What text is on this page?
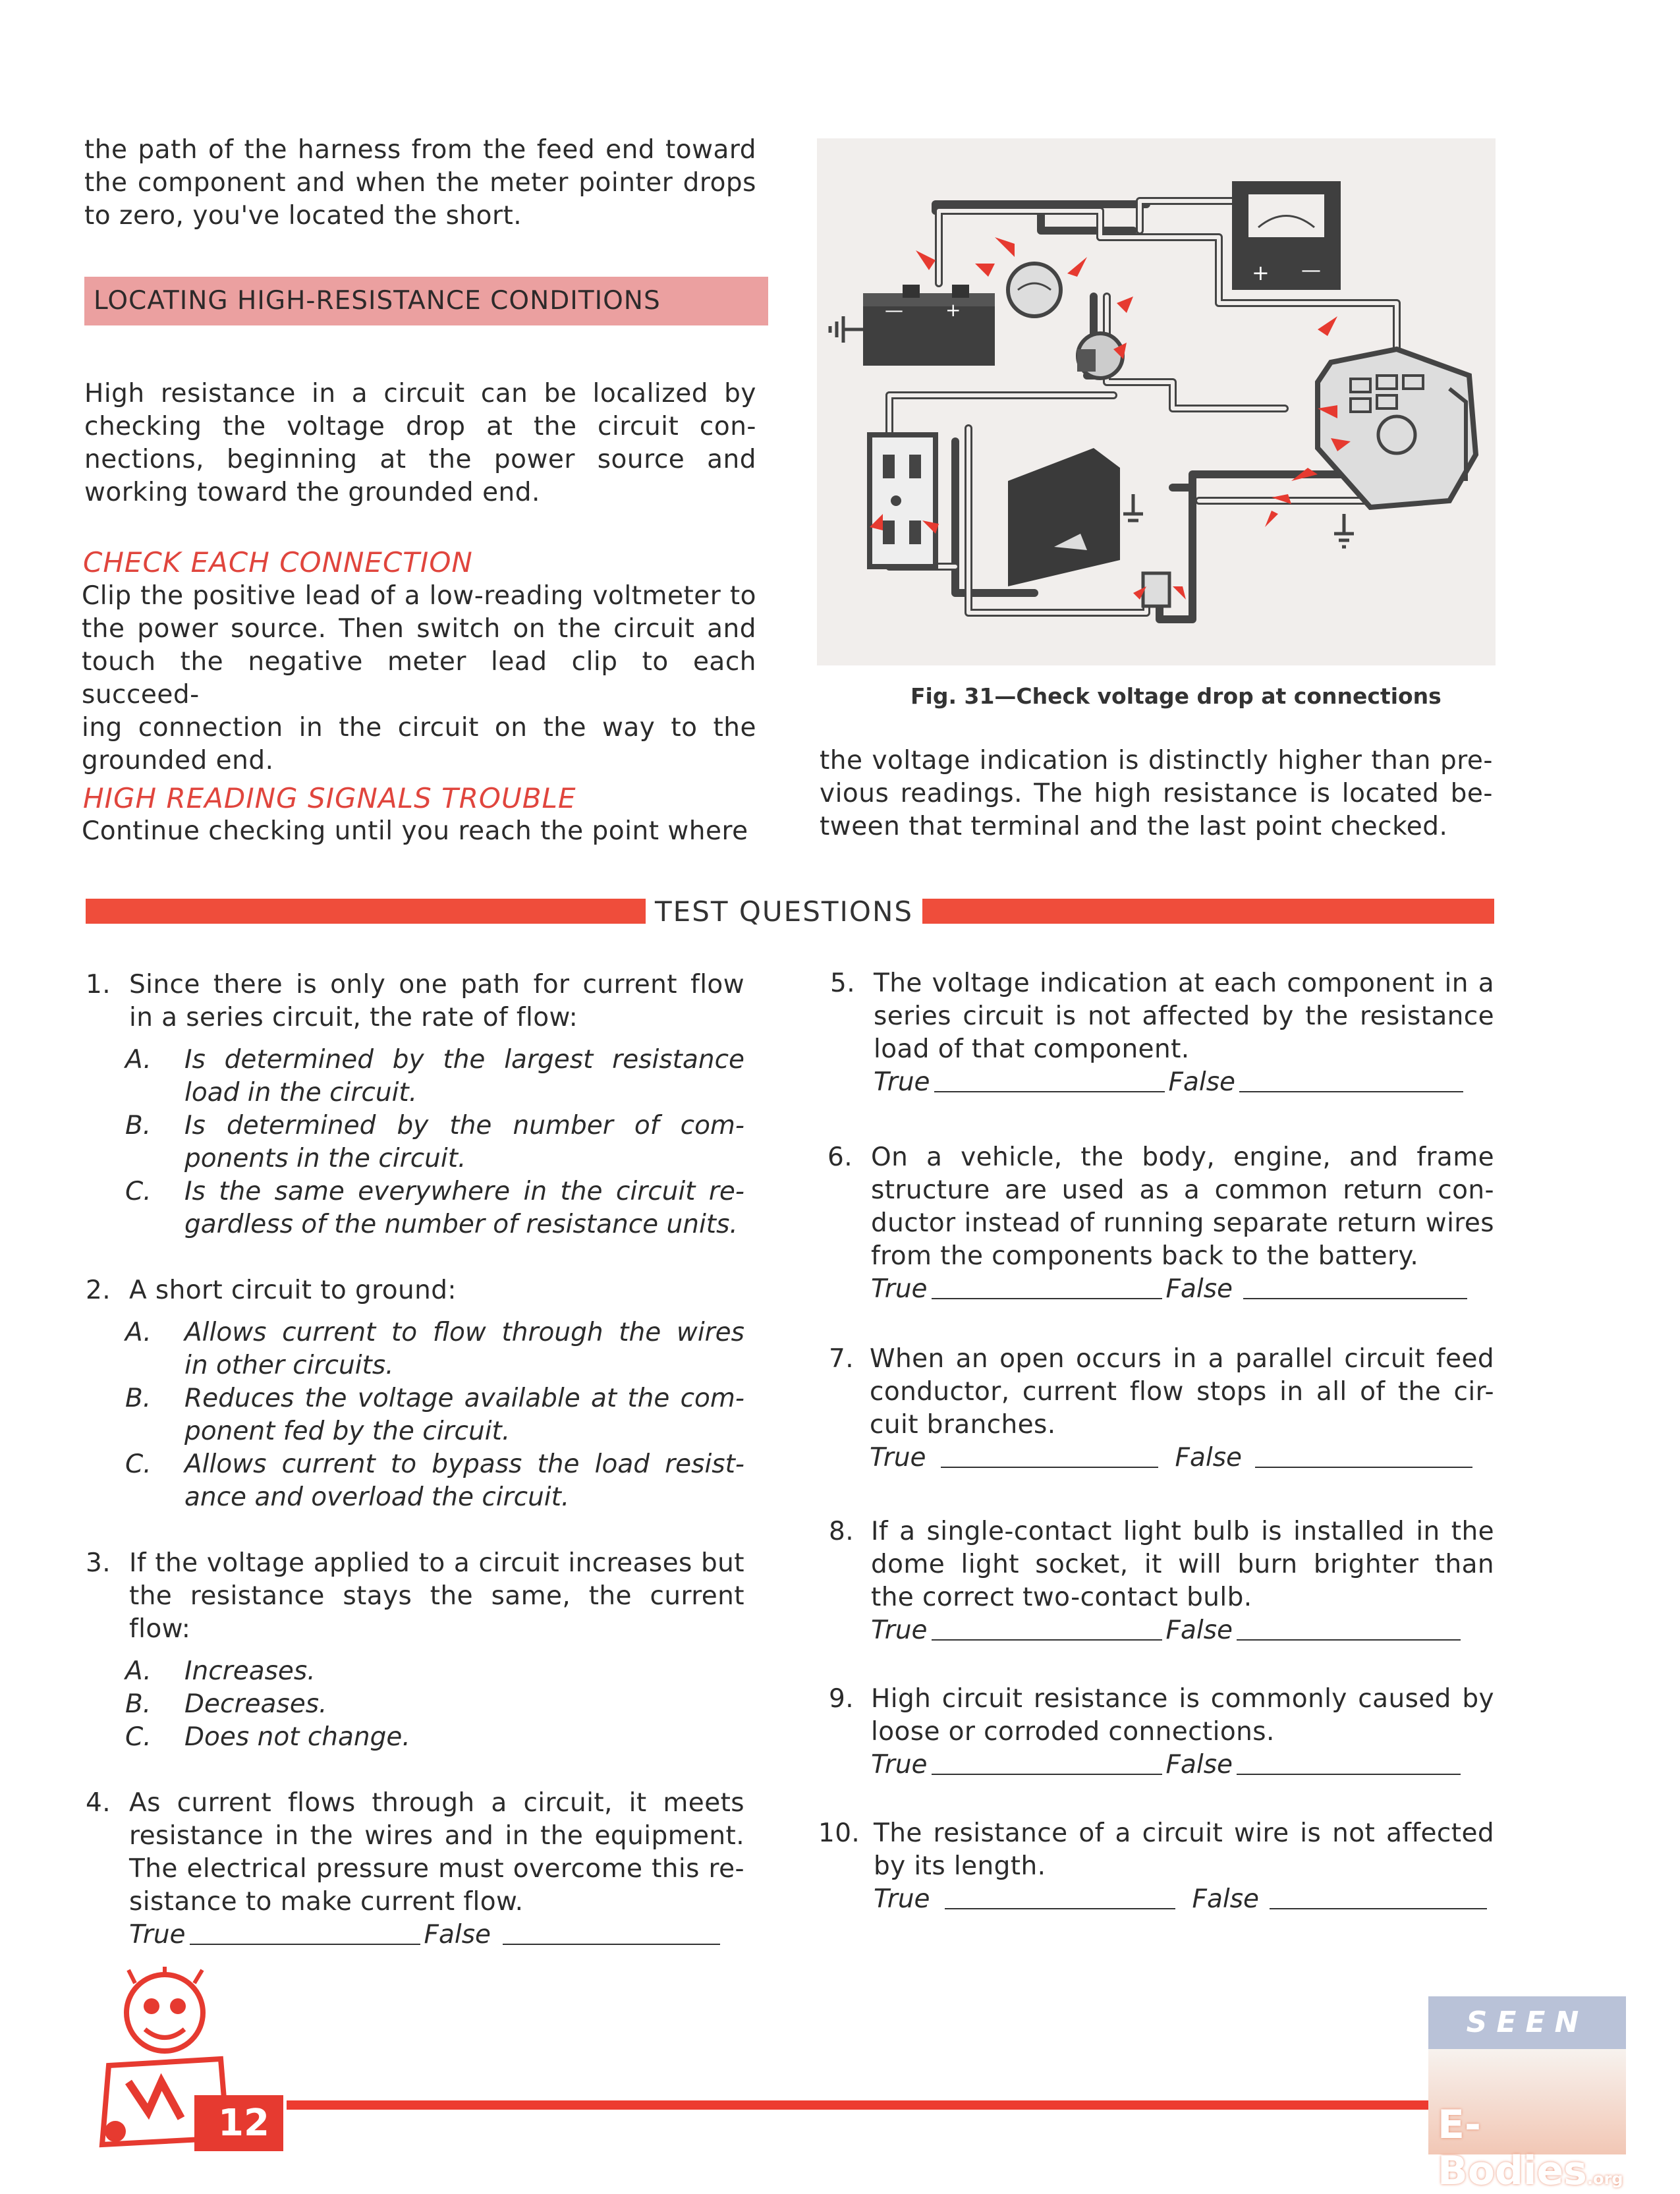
the path of the harness from the feed end toward
the component and when the meter pointer drops
to zero, you've located the short.
LOCATING HIGH-RESISTANCE CONDITIONS
High resistance in a circuit can be localized by
checking the voltage drop at the circuit con-
nections, beginning at the power source and
working toward the grounded end.
CHECK EACH CONNECTION
Clip the positive lead of a low-reading voltmeter to
the power source. Then switch on the circuit and
touch the negative meter lead clip to each succeed-
ing connection in the circuit on the way to the
grounded end.
HIGH READING SIGNALS TROUBLE
Continue checking until you reach the point where
— +
+ —
Fig. 31—Check voltage drop at connections
the voltage indication is distinctly higher than pre-
vious readings. The high resistance is located be-
tween that terminal and the last point checked.
TEST QUESTIONS
1. Since there is only one path for current flow
in a series circuit, the rate of flow:
A. Is determined by the largest resistance
load in the circuit.
B. Is determined by the number of com-
ponents in the circuit.
C. Is the same everywhere in the circuit re-
gardless of the number of resistance units.
2. A short circuit to ground:
A. Allows current to flow through the wires
in other circuits.
B. Reduces the voltage available at the com-
ponent fed by the circuit.
C. Allows current to bypass the load resist-
ance and overload the circuit.
3. If the voltage applied to a circuit increases but
the resistance stays the same, the current flow:
A. Increases.
B. Decreases.
C. Does not change.
4. As current flows through a circuit, it meets
resistance in the wires and in the equipment.
The electrical pressure must overcome this re-
sistance to make current flow.
True	False
5. The voltage indication at each component in a
series circuit is not affected by the resistance
load of that component.
True	False
6. On a vehicle, the body, engine, and frame
structure are used as a common return con-
ductor instead of running separate return wires
from the components back to the battery.
True	False
7. When an open occurs in a parallel circuit feed
conductor, current flow stops in all of the cir-
cuit branches.
True	False
8. If a single-contact light bulb is installed in the
dome light socket, it will burn brighter than
the correct two-contact bulb.
True	False
9. High circuit resistance is commonly caused by
loose or corroded connections.
True	False
10. The resistance of a circuit wire is not affected
by its length.
True	False
12
SEEN
E-Bodies.org
